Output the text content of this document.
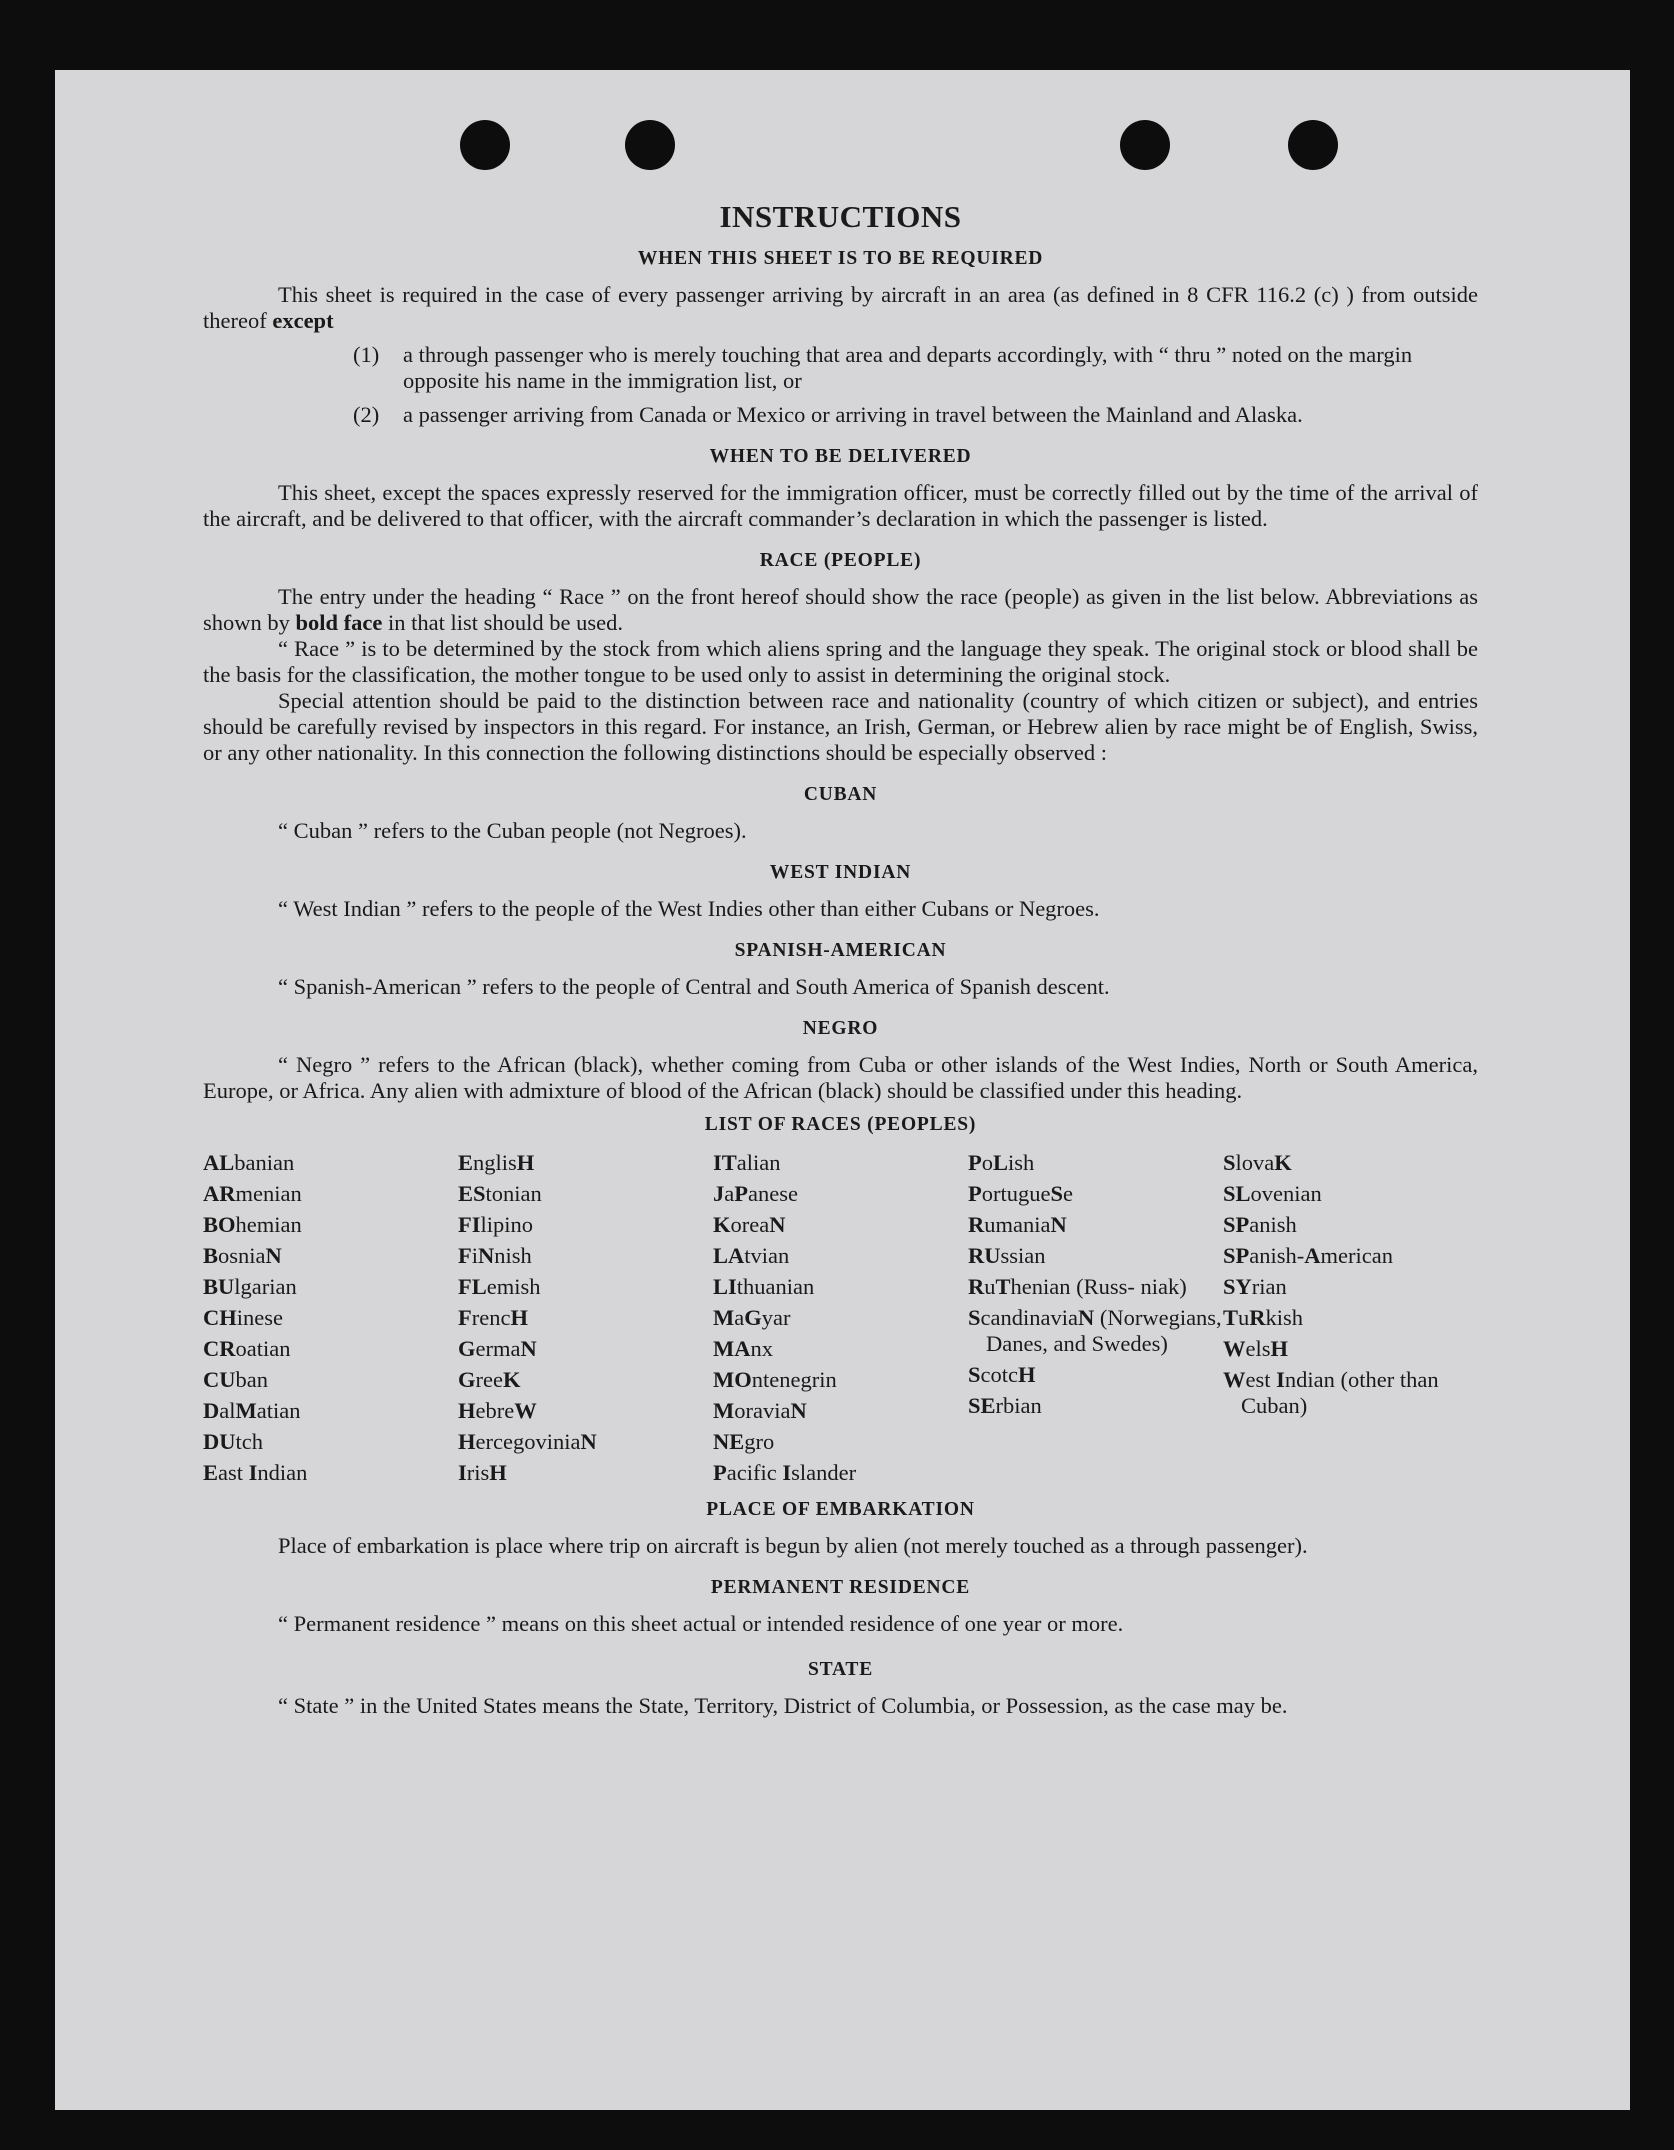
INSTRUCTIONS
WHEN THIS SHEET IS TO BE REQUIRED

This sheet is required in the case of every passenger arriving by aircraft in an area (as defined in 8 CFR 116.2 (c) ) from outside thereof except

(1)	a through passenger who is merely touching that area and departs accordingly, with “ thru ” noted on the margin opposite his name in the immigration list, or
(2)	a passenger arriving from Canada or Mexico or arriving in travel between the Mainland and Alaska.
WHEN TO BE DELIVERED

This sheet, except the spaces expressly reserved for the immigration officer, must be correctly filled out by the time of the arrival of the aircraft, and be delivered to that officer, with the aircraft commander’s declaration in which the passenger is listed.

RACE (PEOPLE)

The entry under the heading “ Race ” on the front hereof should show the race (people) as given in the list below. Abbreviations as shown by bold face in that list should be used.

“ Race ” is to be determined by the stock from which aliens spring and the language they speak. The original stock or blood shall be the basis for the classification, the mother tongue to be used only to assist in determining the original stock.

Special attention should be paid to the distinction between race and nationality (country of which citizen or subject), and entries should be carefully revised by inspectors in this regard. For instance, an Irish, German, or Hebrew alien by race might be of English, Swiss, or any other nationality. In this connection the following distinctions should be especially observed :

CUBAN

“ Cuban ” refers to the Cuban people (not Negroes).

WEST INDIAN

“ West Indian ” refers to the people of the West Indies other than either Cubans or Negroes.

SPANISH-AMERICAN

“ Spanish-American ” refers to the people of Central and South America of Spanish descent.

NEGRO

“ Negro ” refers to the African (black), whether coming from Cuba or other islands of the West Indies, North or South America, Europe, or Africa. Any alien with admixture of blood of the African (black) should be classified under this heading.

LIST OF RACES (PEOPLES)
ALbanian
ARmenian
BOhemian
BosniaN
BUlgarian
CHinese
CRoatian
CUban
DalMatian
DUtch
East Indian
EnglisH
EStonian
FIlipino
FiNnish
FLemish
FrencH
GermaN
GreeK
HebreW
HercegoviniaN
IrisH
ITalian
JaPanese
KoreaN
LAtvian
LIthuanian
MaGyar
MAnx
MOntenegrin
MoraviaN
NEgro
Pacific Islander
PoLish
PortugueSe
RumaniaN
RUssian
RuThenian (Russ- niak)
ScandinaviaN (Norwegians, Danes, and Swedes)
ScotcH
SErbian
SlovaK
SLovenian
SPanish
SPanish-American
SYrian
TuRkish
WelsH
West Indian (other than Cuban)
PLACE OF EMBARKATION

Place of embarkation is place where trip on aircraft is begun by alien (not merely touched as a through passenger).

PERMANENT RESIDENCE

“ Permanent residence ” means on this sheet actual or intended residence of one year or more.

STATE

“ State ” in the United States means the State, Territory, District of Columbia, or Possession, as the case may be.
